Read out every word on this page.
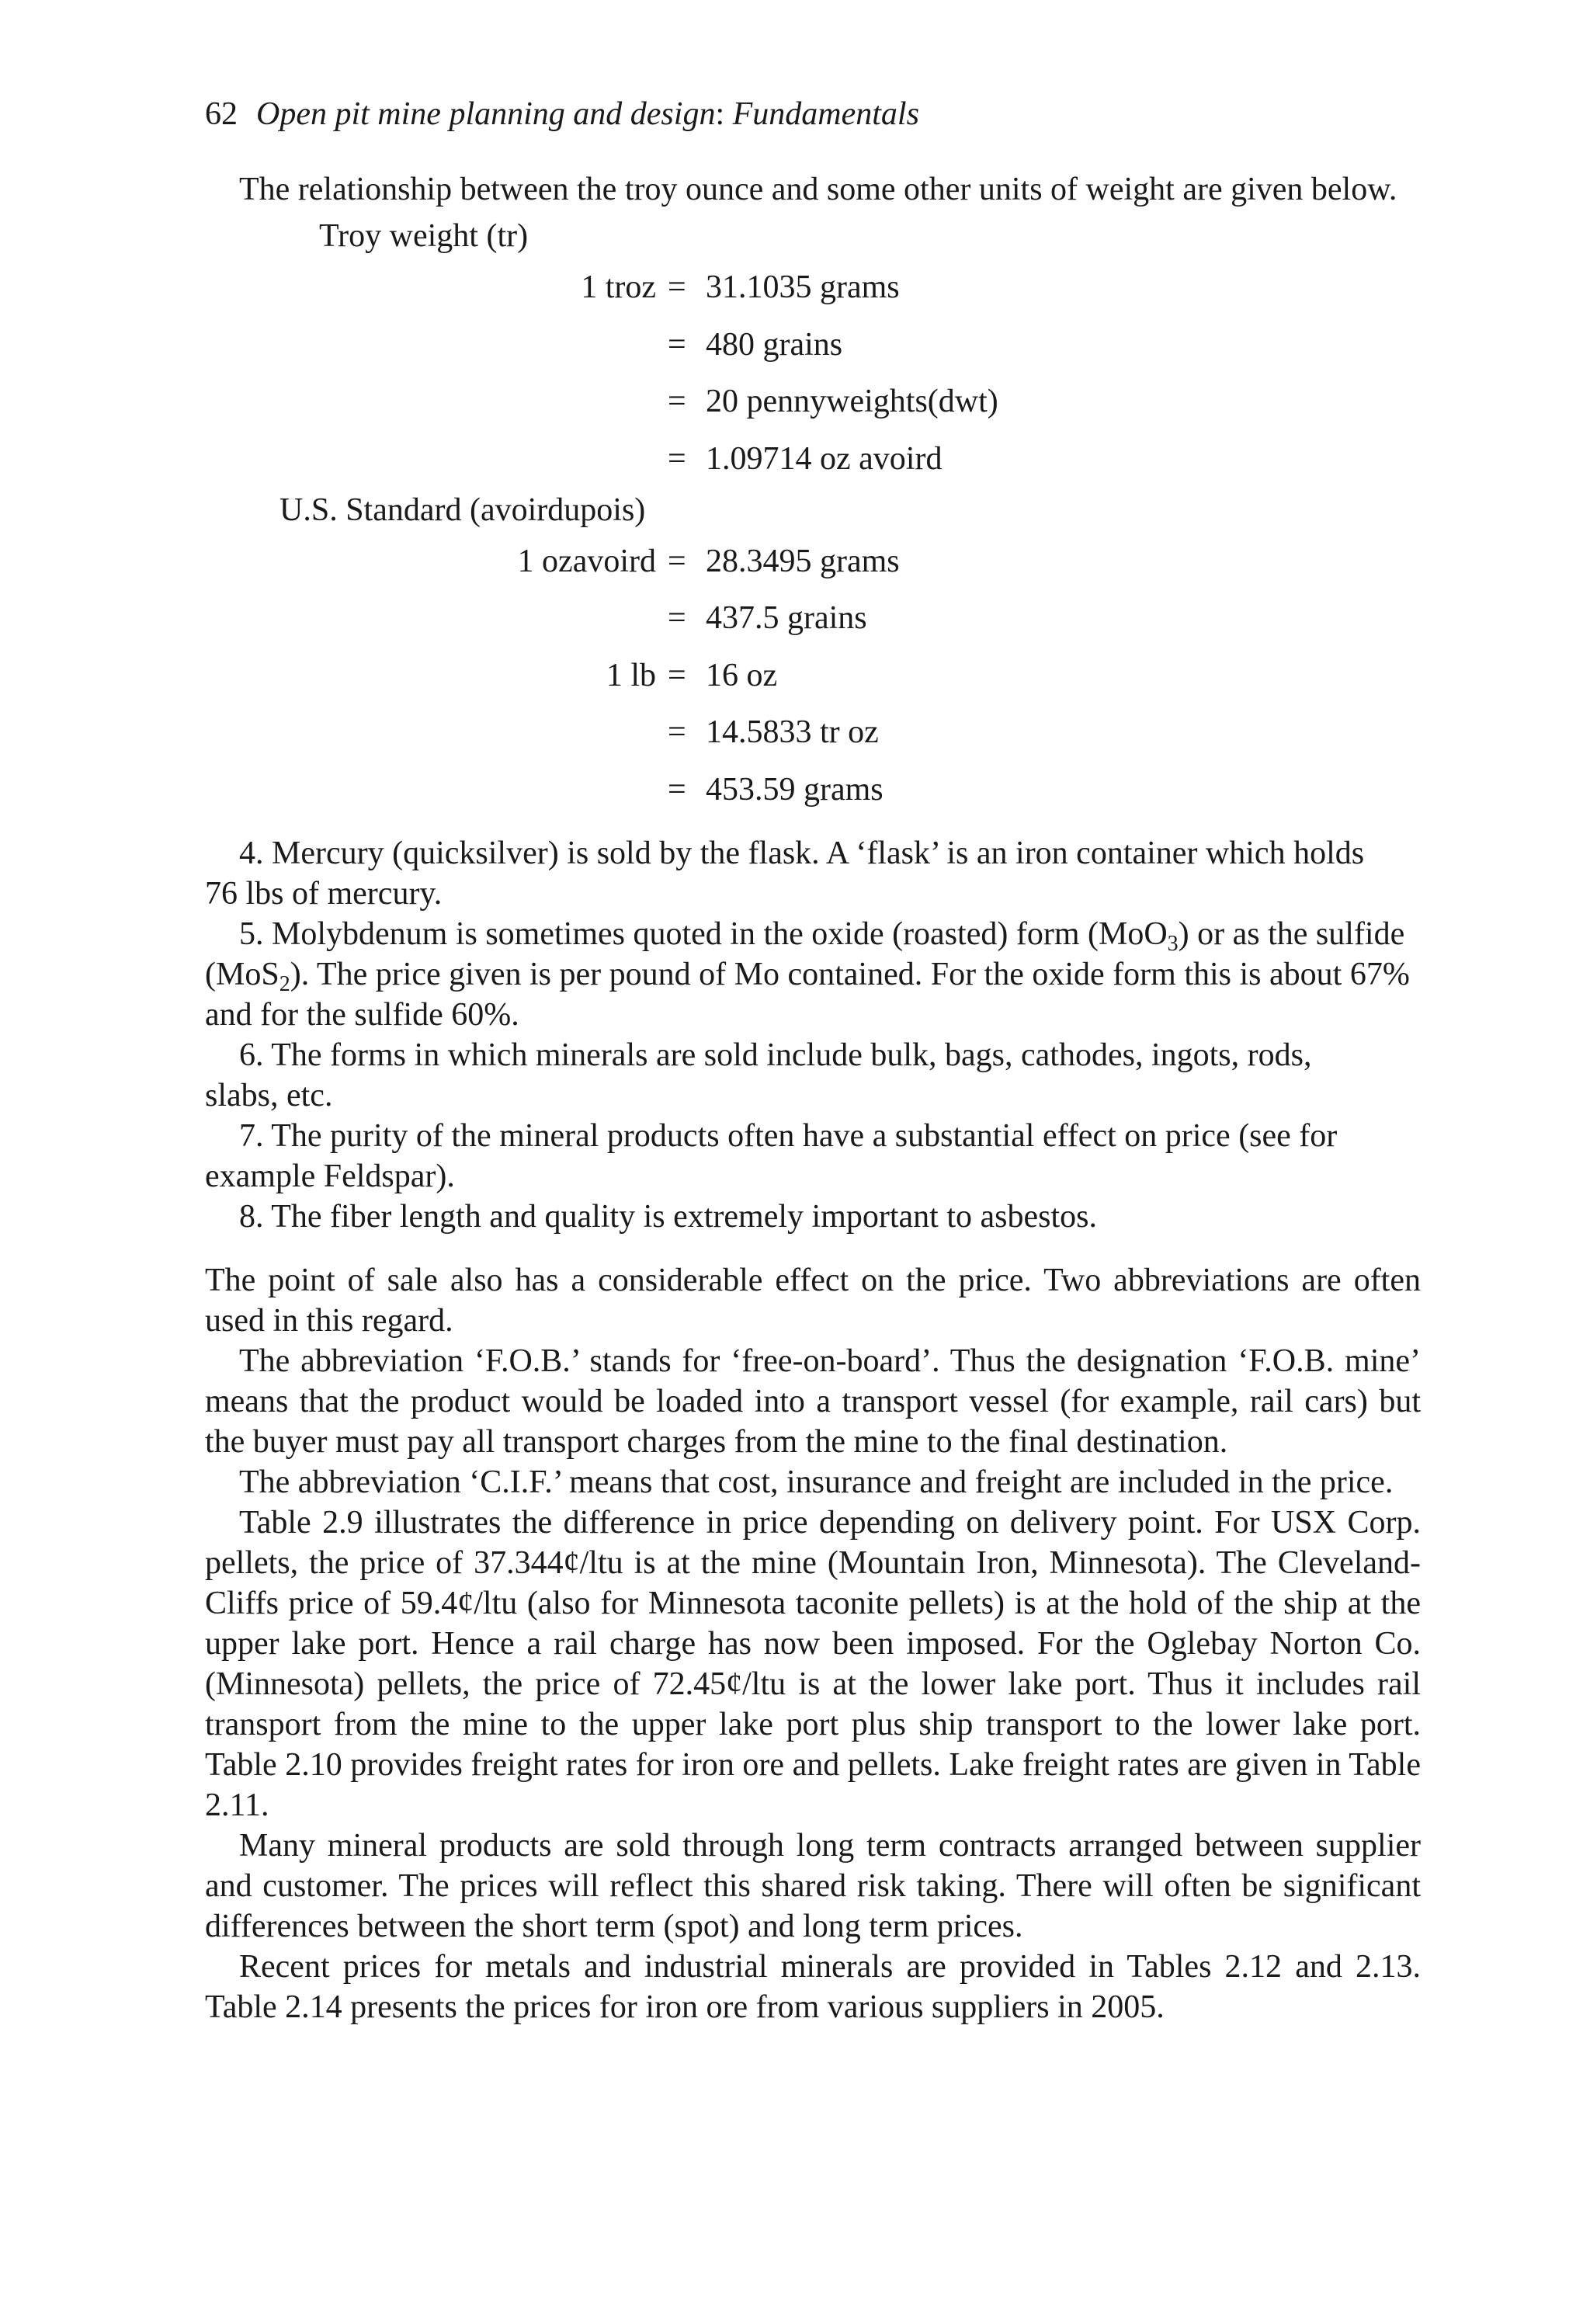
62 Open pit mine planning and design: Fundamentals

The relationship between the troy ounce and some other units of weight are given below.

Troy weight (tr)
1 troz = 31.1035 grams
= 480 grains
= 20 pennyweights(dwt)
= 1.09714 oz avoird
U.S. Standard (avoirdupois)
1 ozavoird = 28.3495 grams
= 437.5 grains
1 lb = 16 oz
= 14.5833 tr oz
= 453.59 grams

4. Mercury (quicksilver) is sold by the flask. A ‘flask’ is an iron container which holds
76 lbs of mercury.

5. Molybdenum is sometimes quoted in the oxide (roasted) form (MoO$_3$) or as the sulfide
(MoS$_2$). The price given is per pound of Mo contained. For the oxide form this is about 67%
and for the sulfide 60%.

6. The forms in which minerals are sold include bulk, bags, cathodes, ingots, rods,
slabs, etc.

7. The purity of the mineral products often have a substantial effect on price (see for
example Feldspar).

8. The fiber length and quality is extremely important to asbestos.

The point of sale also has a considerable effect on the price. Two abbreviations are often used in this regard.

The abbreviation ‘F.O.B.’ stands for ‘free-on-board’. Thus the designation ‘F.O.B. mine’ means that the product would be loaded into a transport vessel (for example, rail cars) but the buyer must pay all transport charges from the mine to the final destination.

The abbreviation ‘C.I.F.’ means that cost, insurance and freight are included in the price.

Table 2.9 illustrates the difference in price depending on delivery point. For USX Corp. pellets, the price of 37.344¢/ltu is at the mine (Mountain Iron, Minnesota). The Cleveland-Cliffs price of 59.4¢/ltu (also for Minnesota taconite pellets) is at the hold of the ship at the upper lake port. Hence a rail charge has now been imposed. For the Oglebay Norton Co. (Minnesota) pellets, the price of 72.45¢/ltu is at the lower lake port. Thus it includes rail transport from the mine to the upper lake port plus ship transport to the lower lake port. Table 2.10 provides freight rates for iron ore and pellets. Lake freight rates are given in Table 2.11.

Many mineral products are sold through long term contracts arranged between supplier and customer. The prices will reflect this shared risk taking. There will often be significant differences between the short term (spot) and long term prices.

Recent prices for metals and industrial minerals are provided in Tables 2.12 and 2.13. Table 2.14 presents the prices for iron ore from various suppliers in 2005.
